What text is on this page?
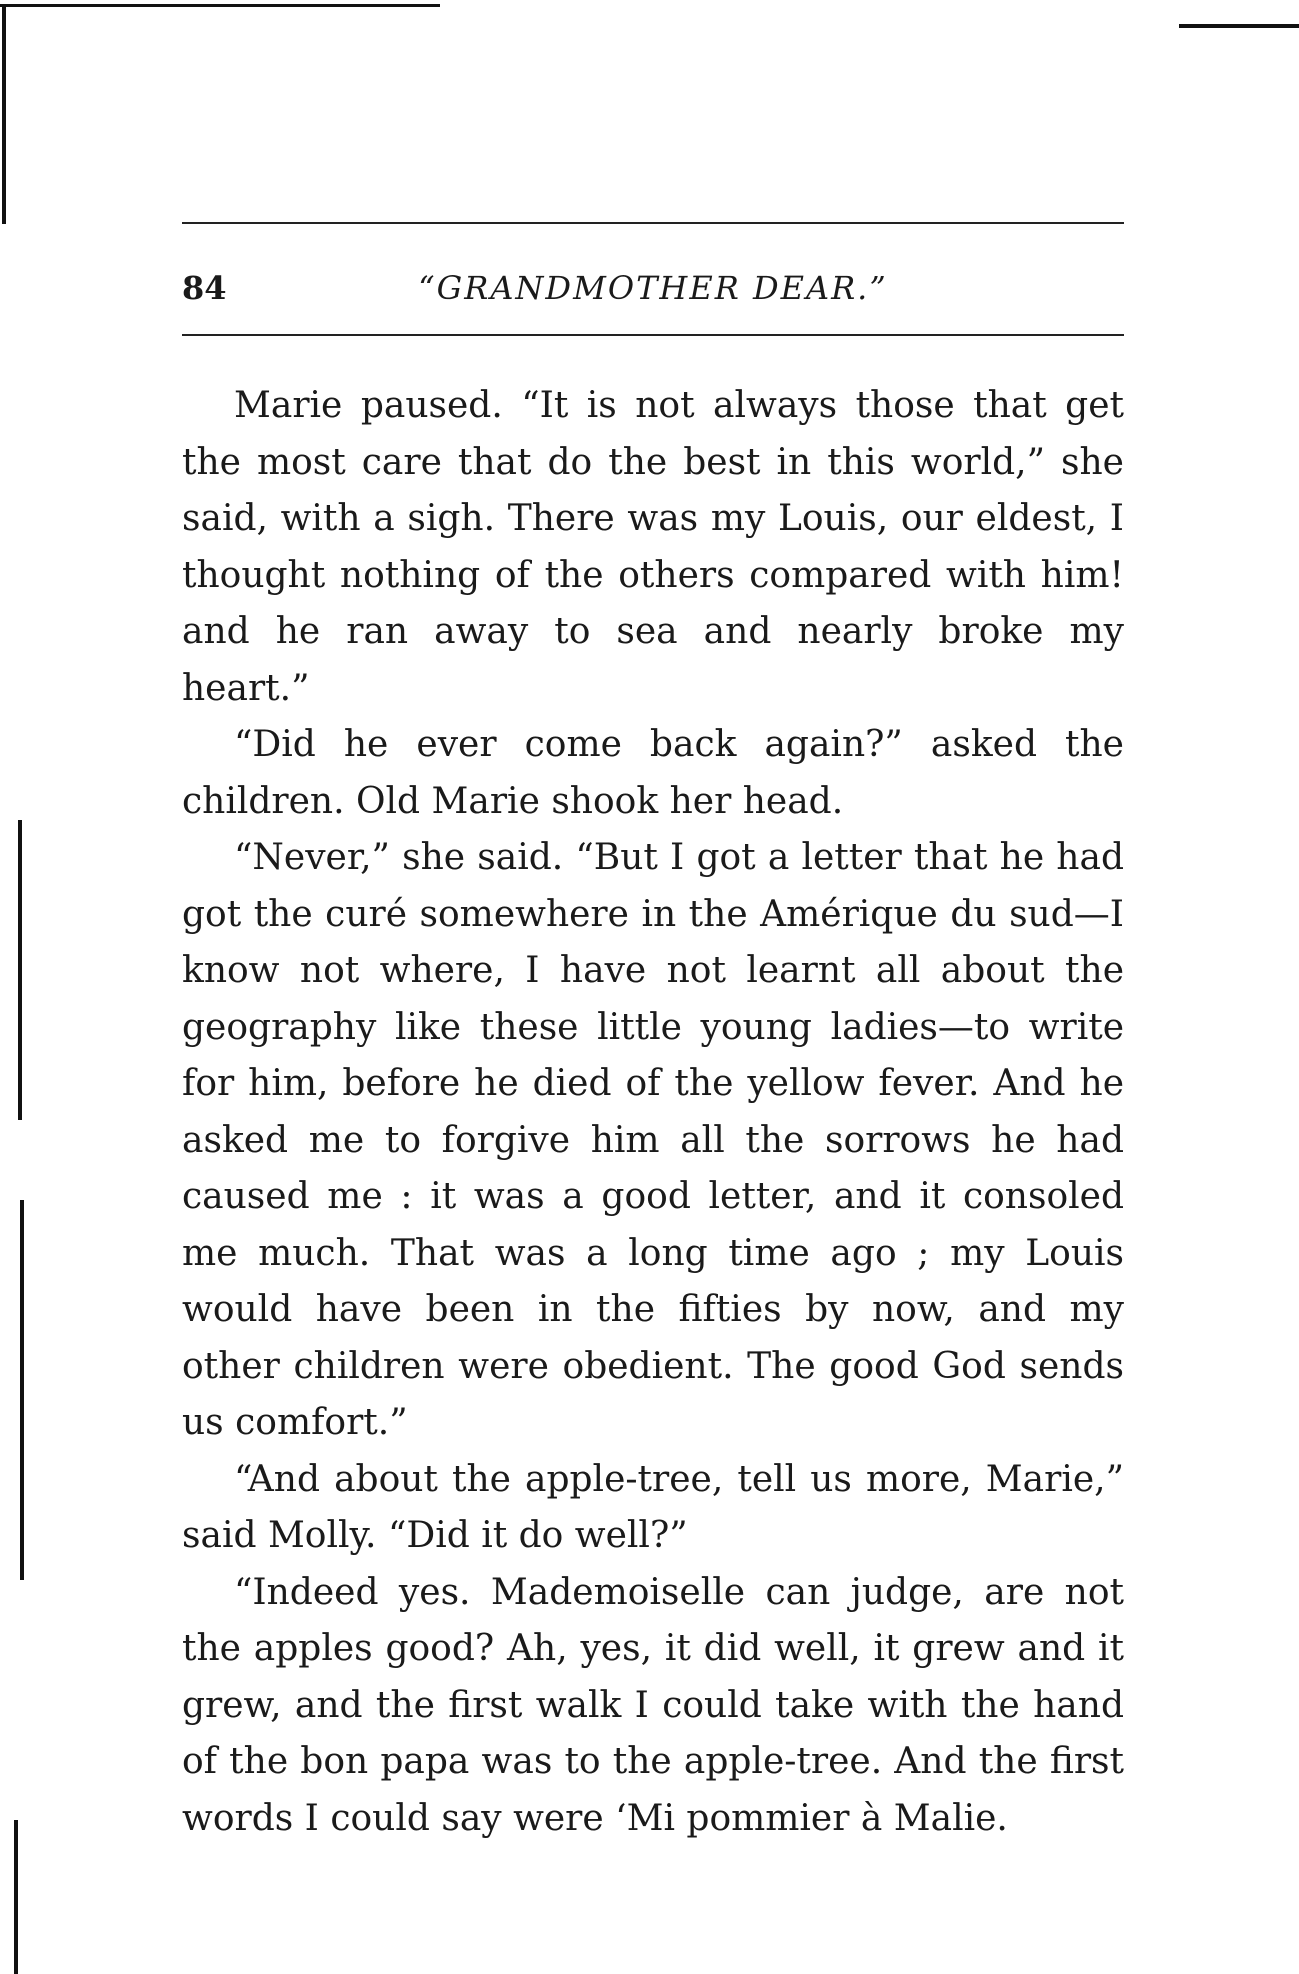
84	“GRANDMOTHER DEAR.”

Marie paused. “It is not always those that get the most care that do the best in this world,” she said, with a sigh. There was my Louis, our eldest, I thought nothing of the others compared with him! and he ran away to sea and nearly broke my heart.”

“Did he ever come back again?” asked the children. Old Marie shook her head.

“Never,” she said. “But I got a letter that he had got the curé somewhere in the Amérique du sud—I know not where, I have not learnt all about the geography like these little young ladies—to write for him, before he died of the yellow fever. And he asked me to forgive him all the sorrows he had caused me : it was a good letter, and it consoled me much. That was a long time ago ; my Louis would have been in the fifties by now, and my other children were obedient. The good God sends us comfort.”

“And about the apple-tree, tell us more, Marie,” said Molly. “Did it do well?”

“Indeed yes. Mademoiselle can judge, are not the apples good? Ah, yes, it did well, it grew and it grew, and the first walk I could take with the hand of the bon papa was to the apple-tree. And the first words I could say were ‘Mi pommier à Malie.
